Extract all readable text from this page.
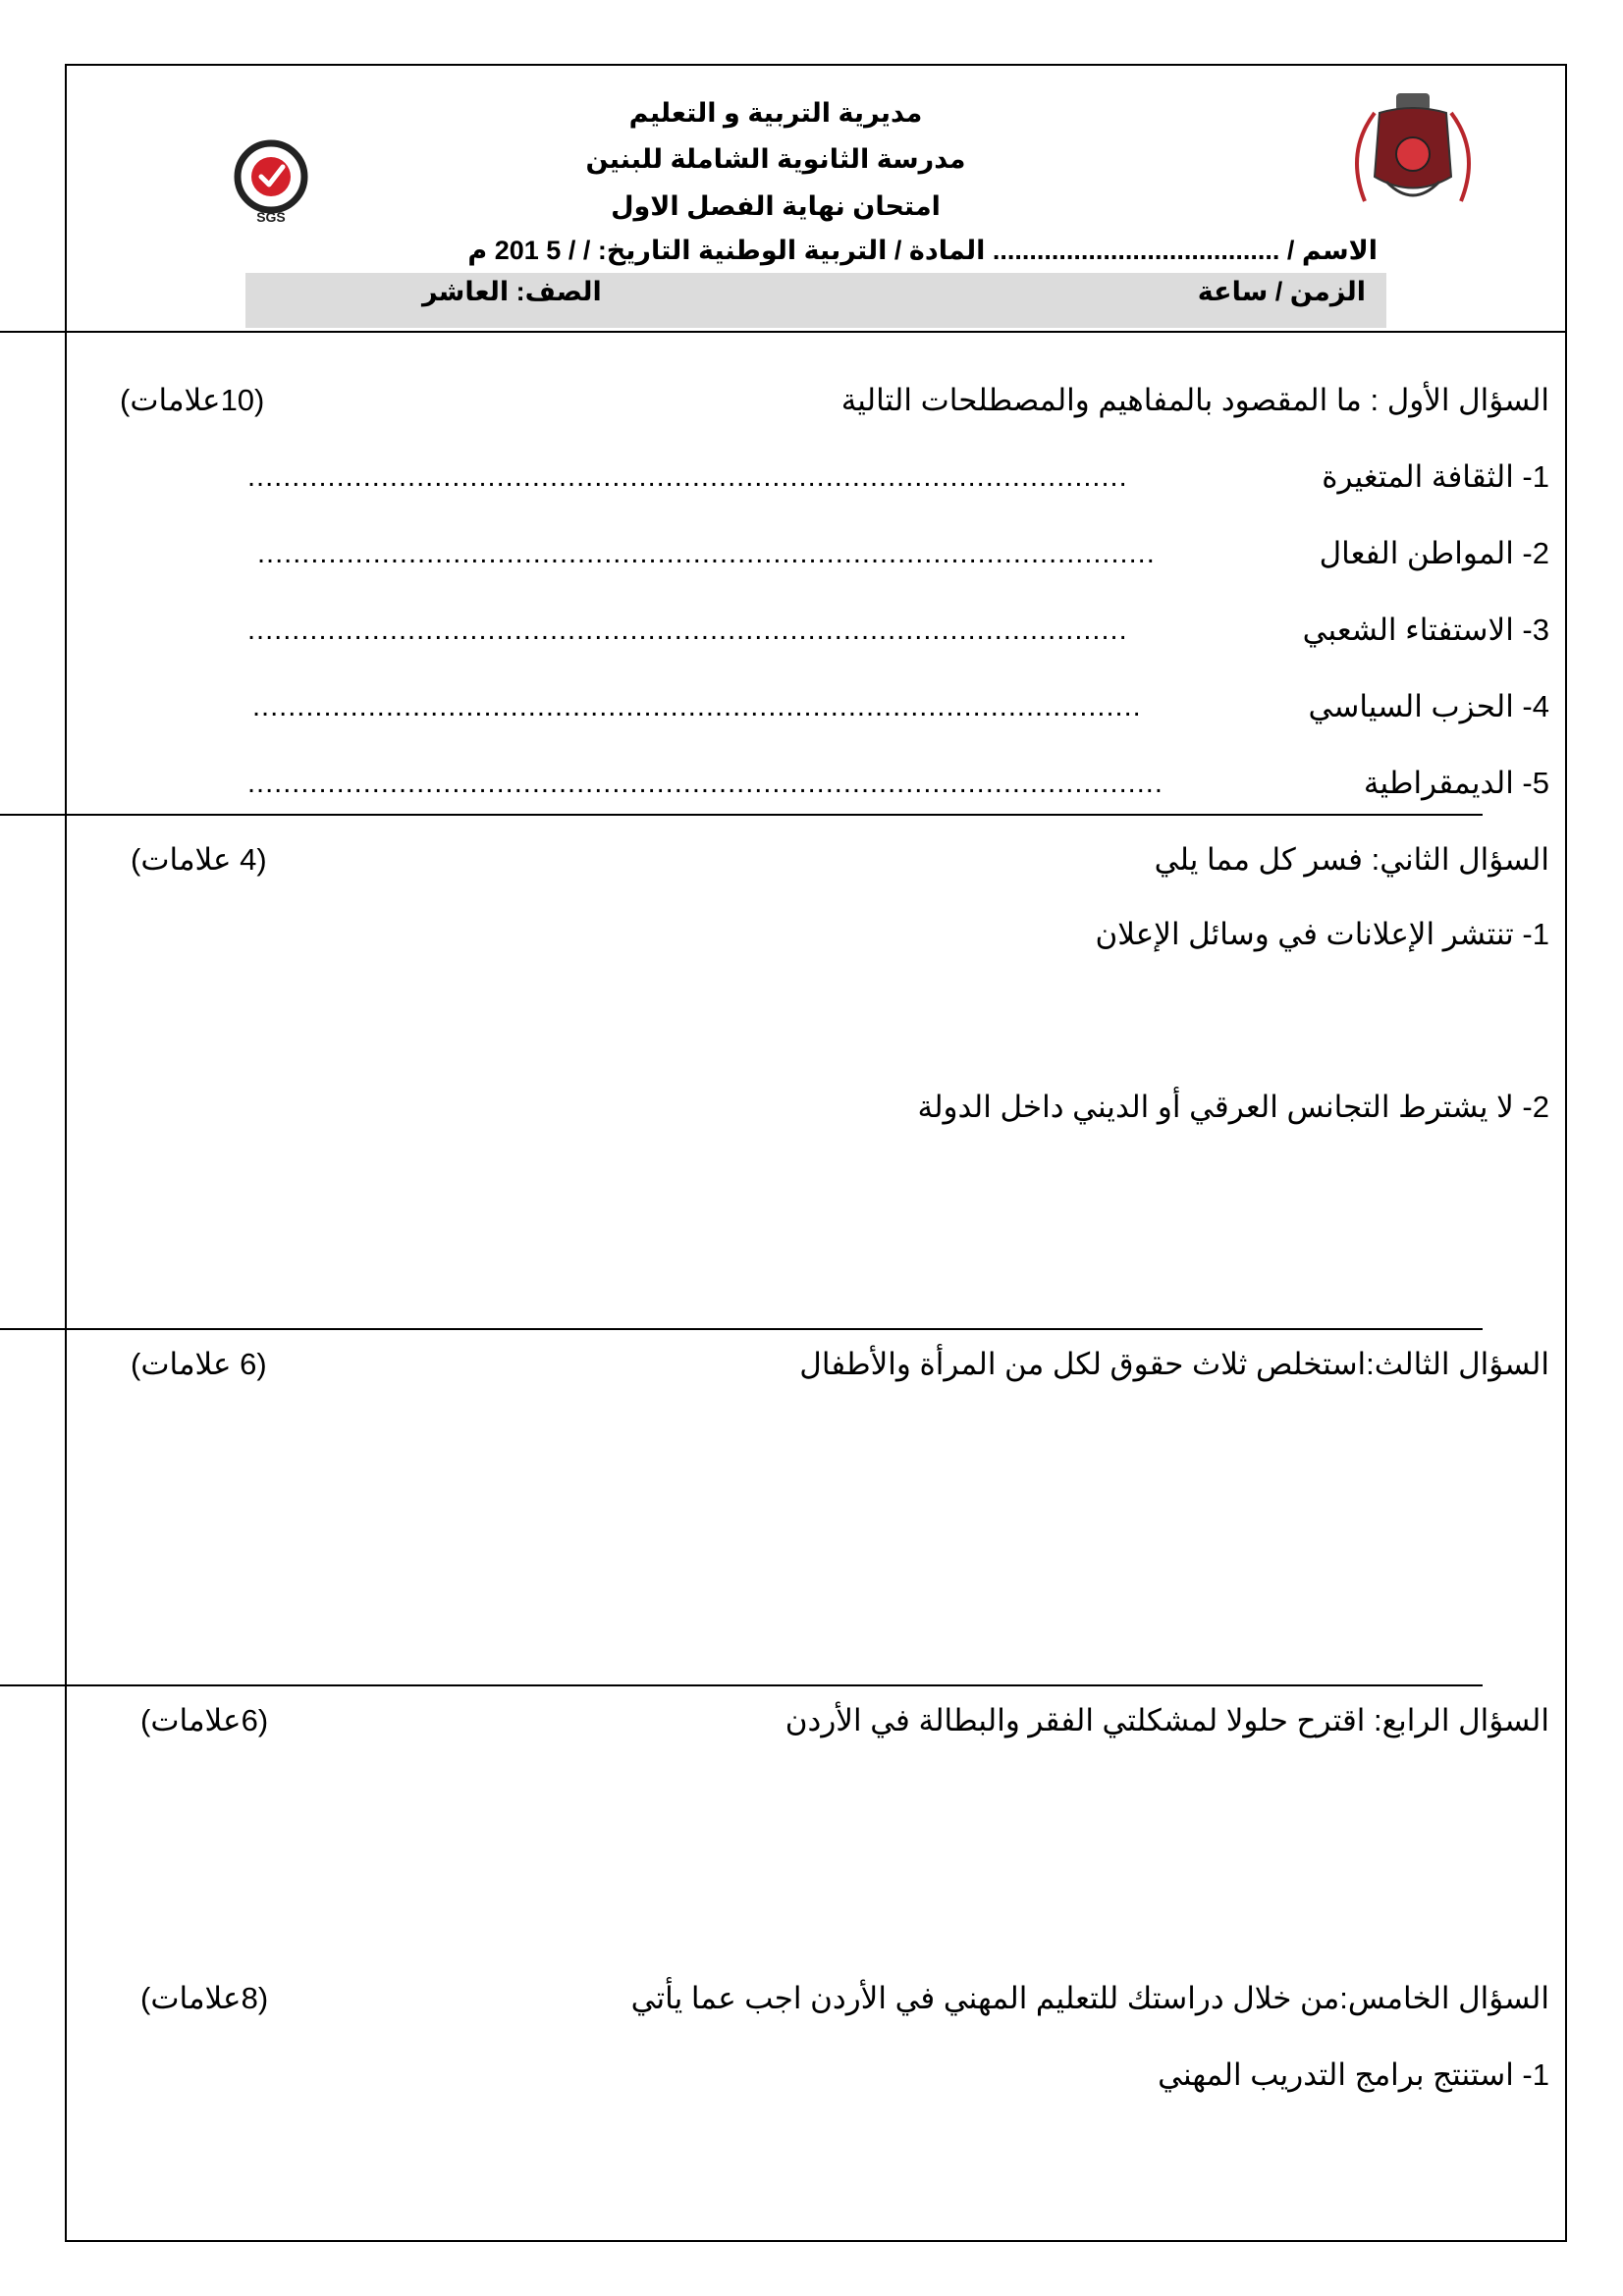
مديرية التربية و التعليم
مدرسة الثانوية الشاملة للبنين
امتحان نهاية الفصل الاول
SGS
الاسم / ....................................... المادة / التربية الوطنية التاريخ: / / 5 201 م
الزمن / ساعة
الصف: العاشر
السؤال الأول : ما المقصود بالمفاهيم والمصطلحات التالية
(10علامات)
1- الثقافة المتغيرة
...................................................................................................
2- المواطن الفعال
.....................................................................................................
3- الاستفتاء الشعبي
...................................................................................................
4- الحزب السياسي
....................................................................................................
5- الديمقراطية
.......................................................................................................
السؤال الثاني: فسر كل مما يلي
(4 علامات)
1- تنتشر الإعلانات في وسائل الإعلان
2- لا يشترط التجانس العرقي أو الديني داخل الدولة
السؤال الثالث:استخلص ثلاث حقوق لكل من المرأة والأطفال
(6 علامات)
السؤال الرابع: اقترح حلولا لمشكلتي الفقر والبطالة في الأردن
(6علامات)
السؤال الخامس:من خلال دراستك للتعليم المهني في الأردن اجب عما يأتي
(8علامات)
1- استنتج برامج التدريب المهني
